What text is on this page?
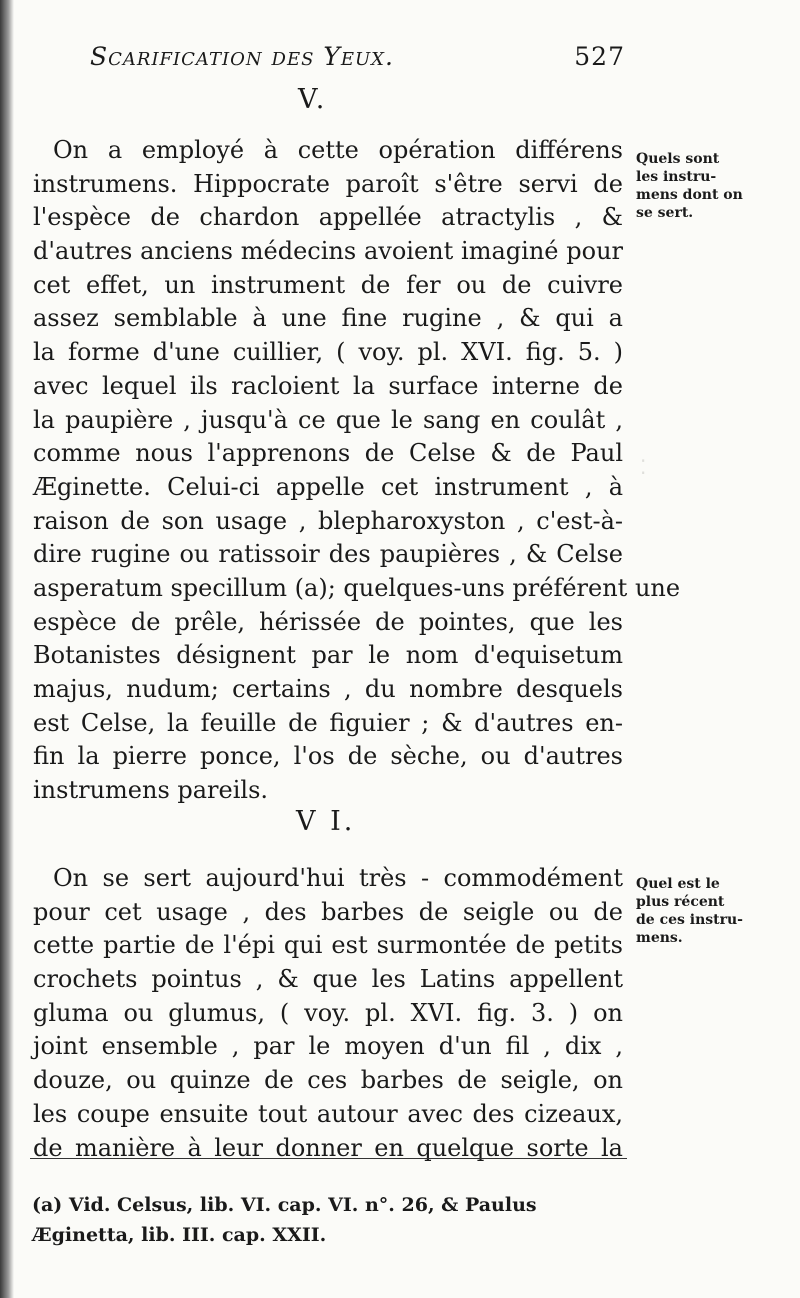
⁚
Scarification des Yeux.	527
V.
On a employé à cette opération différens
instrumens. Hippocrate paroît s'être servi de
l'espèce de chardon appellée atractylis , &
d'autres anciens médecins avoient imaginé pour
cet effet, un instrument de fer ou de cuivre
assez semblable à une fine rugine , & qui a
la forme d'une cuillier, ( voy. pl. XVI. fig. 5. )
avec lequel ils racloient la surface interne de
la paupière , jusqu'à ce que le sang en coulât ,
comme nous l'apprenons de Celse & de Paul
Æginette. Celui-ci appelle cet instrument , à
raison de son usage , blepharoxyston , c'est-à-
dire rugine ou ratissoir des paupières , & Celse
asperatum specillum (a); quelques-uns préférent une
espèce de prêle, hérissée de pointes, que les
Botanistes désignent par le nom d'equisetum
majus, nudum; certains , du nombre desquels
est Celse, la feuille de figuier ; & d'autres en-
fin la pierre ponce, l'os de sèche, ou d'autres
instrumens pareils.
Quels sont
les instru-
mens dont on
se sert.
V I.
On se sert aujourd'hui très - commodément
pour cet usage , des barbes de seigle ou de
cette partie de l'épi qui est surmontée de petits
crochets pointus , & que les Latins appellent
gluma ou glumus, ( voy. pl. XVI. fig. 3. ) on
joint ensemble , par le moyen d'un fil , dix ,
douze, ou quinze de ces barbes de seigle, on
les coupe ensuite tout autour avec des cizeaux,
de manière à leur donner en quelque sorte la
Quel est le
plus récent
de ces instru-
mens.
(a) Vid. Celsus, lib. VI. cap. VI. n°. 26, & Paulus
Æginetta, lib. III. cap. XXII.
